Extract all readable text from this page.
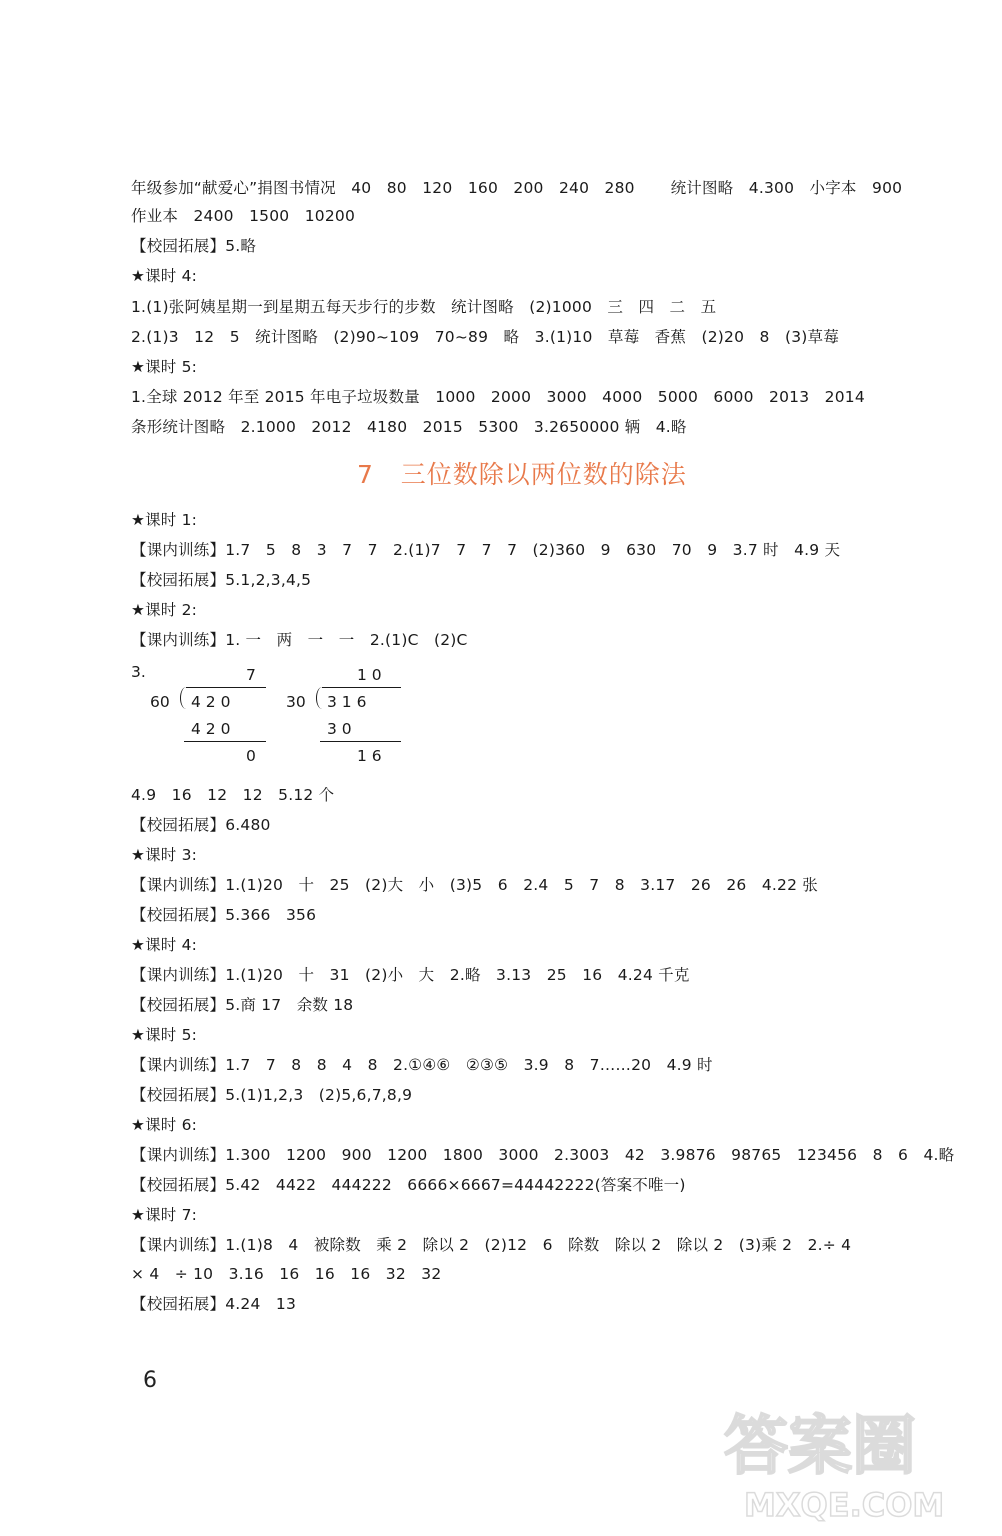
年级参加“献爱心”捐图书情况   40   80   120   160   200   240   280       统计图略   4.300   小字本   900
作业本   2400   1500   10200
【校园拓展】5.略
★课时 4:
1.(1)张阿姨星期一到星期五每天步行的步数   统计图略   (2)1000   三   四   二   五
2.(1)3   12   5   统计图略   (2)90~109   70~89   略   3.(1)10   草莓   香蕉   (2)20   8   (3)草莓
★课时 5:
1.全球 2012 年至 2015 年电子垃圾数量   1000   2000   3000   4000   5000   6000   2013   2014
条形统计图略   2.1000   2012   4180   2015   5300   3.2650000 辆   4.略
7   三位数除以两位数的除法
★课时 1:
【课内训练】1.7   5   8   3   7   7   2.(1)7   7   7   7   (2)360   9   630   70   9   3.7 时   4.9 天
【校园拓展】5.1,2,3,4,5
★课时 2:
【课内训练】1. 一   两   一   一   2.(1)C   (2)C
3.	7
60 4 2 0
4 2 0
0
1 0
30 3 1 6
3 0
1 6
4.9   16   12   12   5.12 个
【校园拓展】6.480
★课时 3:
【课内训练】1.(1)20   十   25   (2)大   小   (3)5   6   2.4   5   7   8   3.17   26   26   4.22 张
【校园拓展】5.366   356
★课时 4:
【课内训练】1.(1)20   十   31   (2)小   大   2.略   3.13   25   16   4.24 千克
【校园拓展】5.商 17   余数 18
★课时 5:
【课内训练】1.7   7   8   8   4   8   2.①④⑥   ②③⑤   3.9   8   7……20   4.9 时
【校园拓展】5.(1)1,2,3   (2)5,6,7,8,9
★课时 6:
【课内训练】1.300   1200   900   1200   1800   3000   2.3003   42   3.9876   98765   123456   8   6   4.略
【校园拓展】5.42   4422   444222   6666×6667=44442222(答案不唯一)
★课时 7:
【课内训练】1.(1)8   4   被除数   乘 2   除以 2   (2)12   6   除数   除以 2   除以 2   (3)乘 2   2.÷ 4
× 4   ÷ 10   3.16   16   16   16   32   32
【校园拓展】4.24   13
6
答案圈
MXQE.COM
